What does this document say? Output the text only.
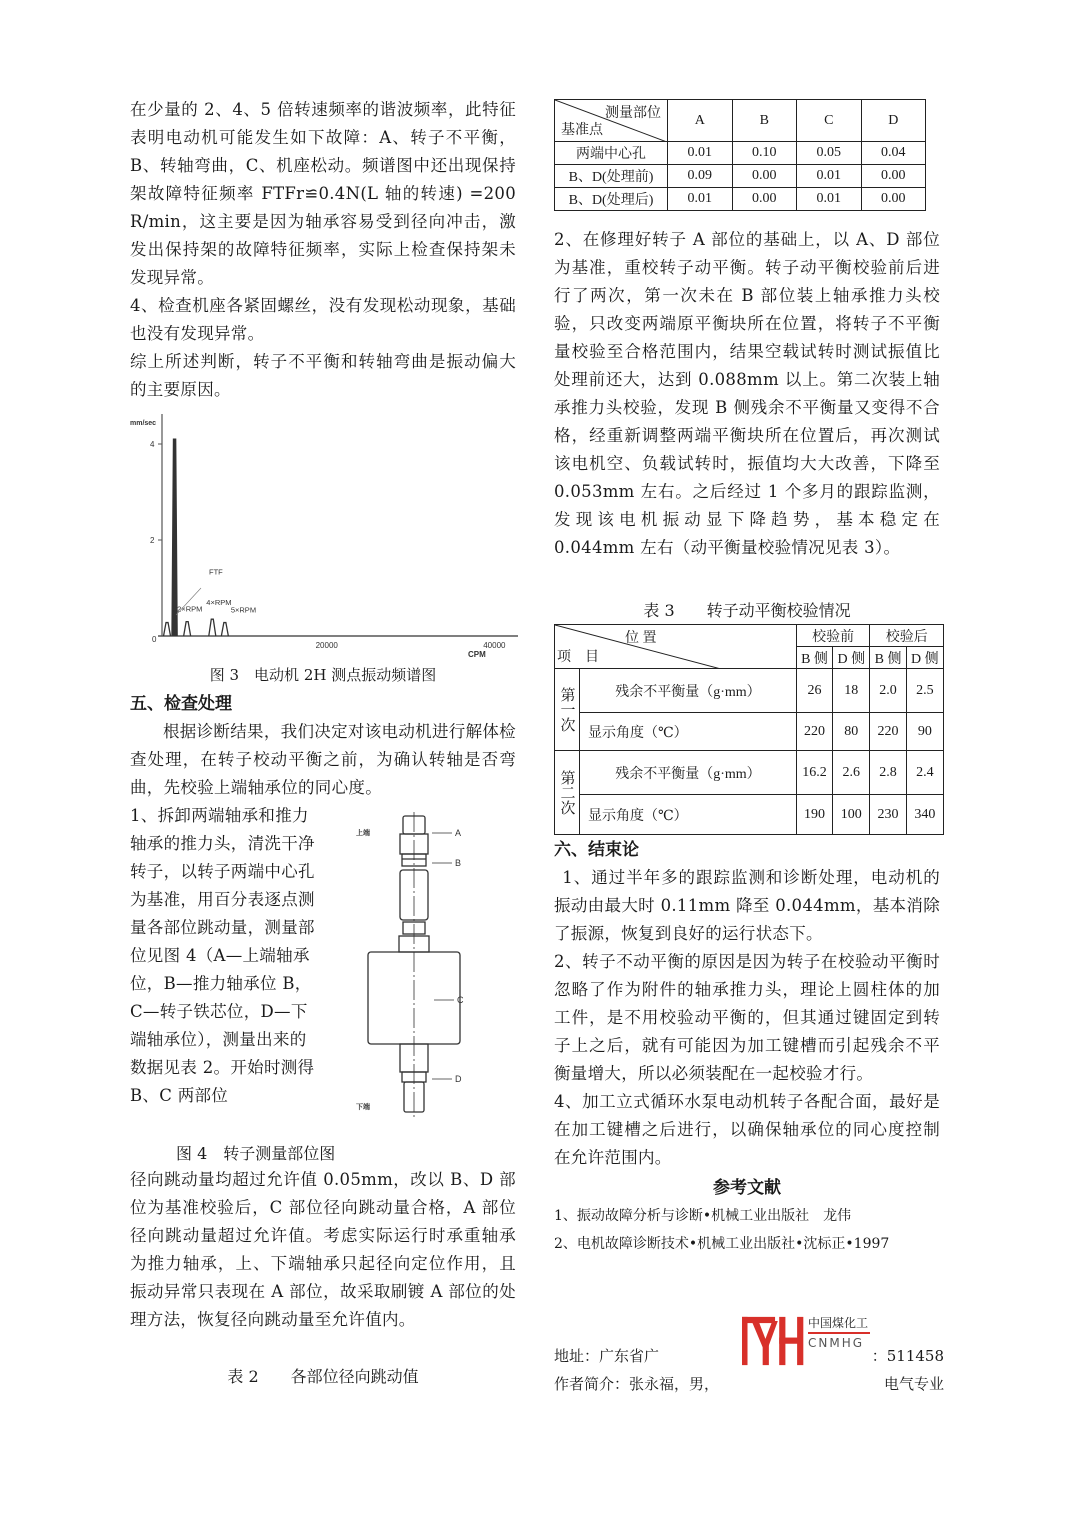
在少量的 2、4、5 倍转速频率的谐波频率，此特征表明电动机可能发生如下故障：A、转子不平衡，B、转轴弯曲，C、机座松动。频谱图中还出现保持架故障特征频率 FTFr≌0.4N(L 轴的转速) =200 R/min，这主要是因为轴承容易受到径向冲击，激发出保持架的故障特征频率，实际上检查保持架未发现异常。

4、检查机座各紧固螺丝，没有发现松动现象，基础也没有发现异常。

综上所述判断，转子不平衡和转轴弯曲是振动偏大的主要原因。

mm/sec
0
20000	40000
2
4
FTF
2×RPM
4×RPM
5×RPM
CPM

图 3　电动机 2H 测点振动频谱图

五、检查处理

根据诊断结果，我们决定对该电动机进行解体检查处理，在转子校动平衡之前，为确认转轴是否弯曲，先校验上端轴承位的同心度。

1、拆卸两端轴承和推力轴承的推力头，清洗干净转子，以转子两端中心孔为基准，用百分表逐点测量各部位跳动量，测量部位见图 4（A—上端轴承位，B—推力轴承位 B，C—转子铁芯位，D—下端轴承位），测量出来的数据见表 2。开始时测得 B、C 两部位

图 4　转子测量部位图

上端
下端
A
B
C
D

径向跳动量均超过允许值 0.05mm，改以 B、D 部位为基准校验后，C 部位径向跳动量合格，A 部位径向跳动量超过允许值。考虑实际运行时承重轴承为推力轴承，上、下端轴承只起径向定位作用，且振动异常只表现在 A 部位，故采取刷镀 A 部位的处理方法，恢复径向跳动量至允许值内。

表 2　　各部位径向跳动值

测量部位
基准点	A	B	C	D
两端中心孔	0.01	0.10	0.05	0.04
B、D(处理前)	0.09	0.00	0.01	0.00
B、D(处理后)	0.01	0.00	0.01	0.00

2、在修理好转子 A 部位的基础上，以 A、D 部位为基准，重校转子动平衡。转子动平衡校验前后进行了两次，第一次未在 B 部位装上轴承推力头校验，只改变两端原平衡块所在位置，将转子不平衡量校验至合格范围内，结果空载试转时测试振值比处理前还大，达到 0.088mm 以上。第二次装上轴承推力头校验，发现 B 侧残余不平衡量又变得不合格，经重新调整两端平衡块所在位置后，再次测试该电机空、负载试转时，振值均大大改善，下降至 0.053mm 左右。之后经过 1 个多月的跟踪监测，发现该电机振动显下降趋势，基本稳定在 0.044mm 左右（动平衡量校验情况见表 3）。

表 3　　转子动平衡校验情况

位 置
项　目		校验前		校验后	
		B 侧	D 侧	B 侧	D 侧
第一次	残余不平衡量（g·mm）	26	18	2.0	2.5
	显示角度（℃）	220	80	220	90
第二次	残余不平衡量（g·mm）	16.2	2.6	2.8	2.4
	显示角度（℃）	190	100	230	340

六、结束论

1、通过半年多的跟踪监测和诊断处理，电动机的振动由最大时 0.11mm 降至 0.044mm，基本消除了振源，恢复到良好的运行状态下。

2、转子不动平衡的原因是因为转子在校验动平衡时忽略了作为附件的轴承推力头，理论上圆柱体的加工件，是不用校验动平衡的，但其通过键固定到转子上之后，就有可能因为加工键槽而引起残余不平衡量增大，所以必须装配在一起校验才行。

4、加工立式循环水泵电动机转子各配合面，最好是在加工键槽之后进行，以确保轴承位的同心度控制在允许范围内。

参考文献

1、振动故障分析与诊断•机械工业出版社　龙伟

2、电机故障诊断技术•机械工业出版社•沈标正•1997

中国煤化工
CNMHG
地址：广东省广	：511458
作者简介：张永福，男，	电气专业
